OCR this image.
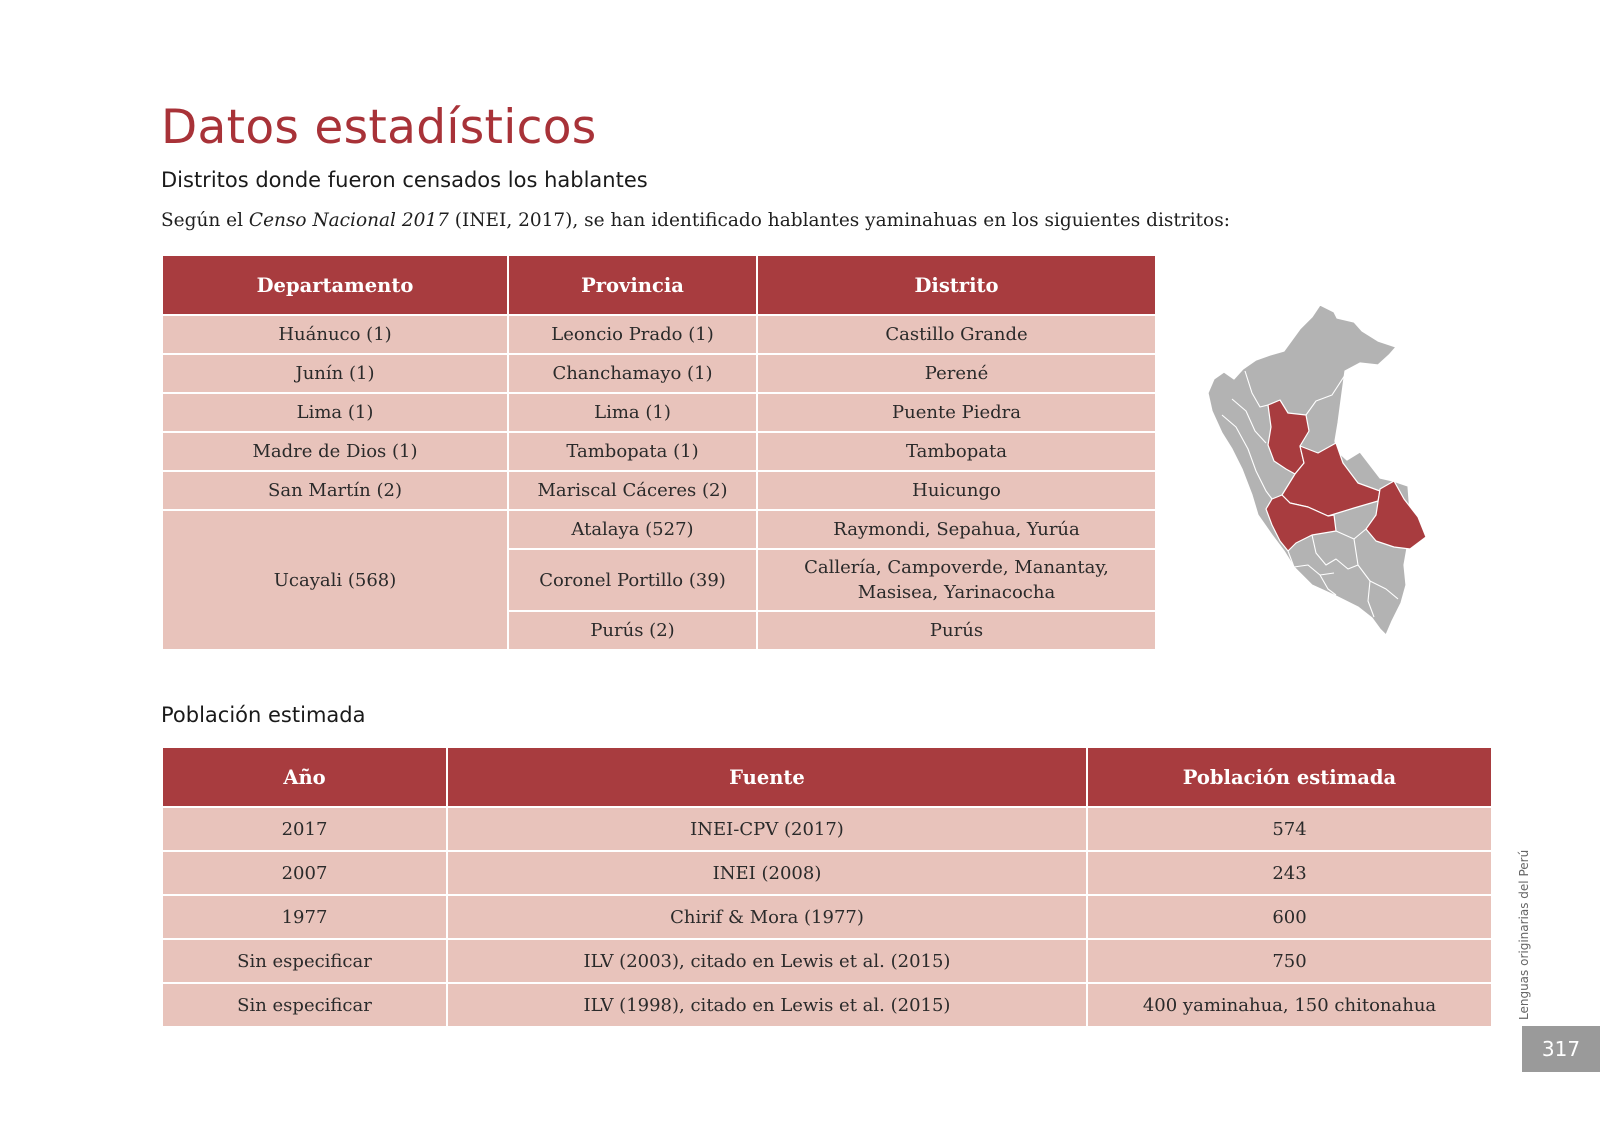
Datos estadísticos
Distritos donde fueron censados los hablantes

Según el Censo Nacional 2017 (INEI, 2017), se han identificado hablantes yaminahuas en los siguientes distritos:

Departamento	Provincia	Distrito
Huánuco (1)	Leoncio Prado (1)	Castillo Grande
Junín (1)	Chanchamayo (1)	Perené
Lima (1)	Lima (1)	Puente Piedra
Madre de Dios (1)	Tambopata (1)	Tambopata
San Martín (2)	Mariscal Cáceres (2)	Huicungo
Ucayali (568)	Atalaya (527)	Raymondi, Sepahua, Yurúa
	Coronel Portillo (39)	Callería, Campoverde, Manantay, Masisea, Yarinacocha
	Purús (2)	Purús
Población estimada
Año	Fuente	Población estimada
2017	INEI-CPV (2017)	574
2007	INEI (2008)	243
1977	Chirif & Mora (1977)	600
Sin especificar	ILV (2003), citado en Lewis et al. (2015)	750
Sin especificar	ILV (1998), citado en Lewis et al. (2015)	400 yaminahua, 150 chitonahua	Lenguas originarias del Perú
317
